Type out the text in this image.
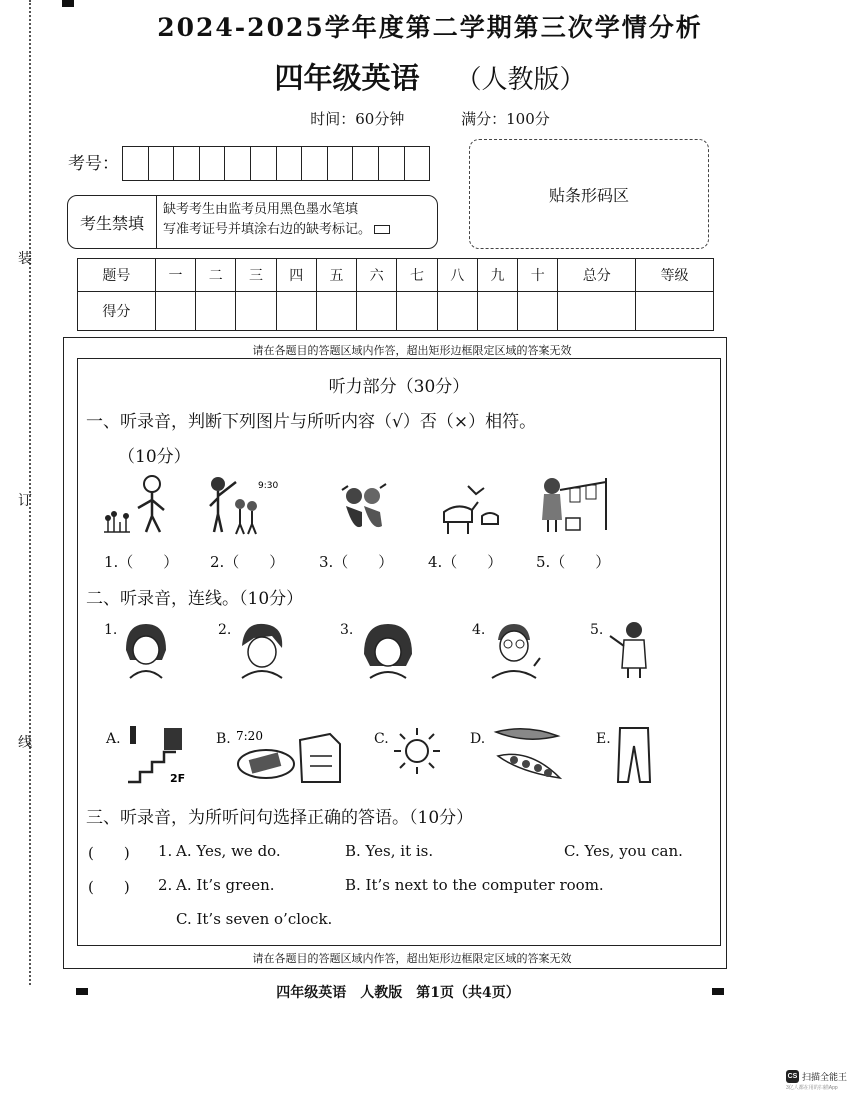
装
订
线
2024-2025学年度第二学期第三次学情分析
四年级英语 （人教版）
时间：60分钟	满分：100分
考号：
贴条形码区
考生禁填
缺考考生由监考员用黑色墨水笔填
写准考证号并填涂右边的缺考标记。
题号	一	二	三	四	五	六	七	八	九	十	总分	等级
得分												
请在各题目的答题区域内作答，超出矩形边框限定区域的答案无效
请在各题目的答题区域内作答，超出矩形边框限定区域的答案无效
听力部分（30分）
一、听录音，判断下列图片与所听内容（√）否（×）相符。
（10分）
9:30
1.（　　） 2.（　　） 3.（　　） 4.（　　） 5.（　　）
二、听录音，连线。（10分）
1.	2.	3.	4.	5.
A.	B.	C.	D.	E.
2F
7:20
三、听录音，为所听问句选择正确的答语。（10分）
(　　) 1. A. Yes, we do.	B. Yes, it is.	C. Yes, you can.
(　　) 2. A. It’s green.	B. It’s next to the computer room.
C. It’s seven o’clock.
四年级英语　人教版　第1页（共4页）
CS 扫描全能王
3亿人都在用的扫描App
